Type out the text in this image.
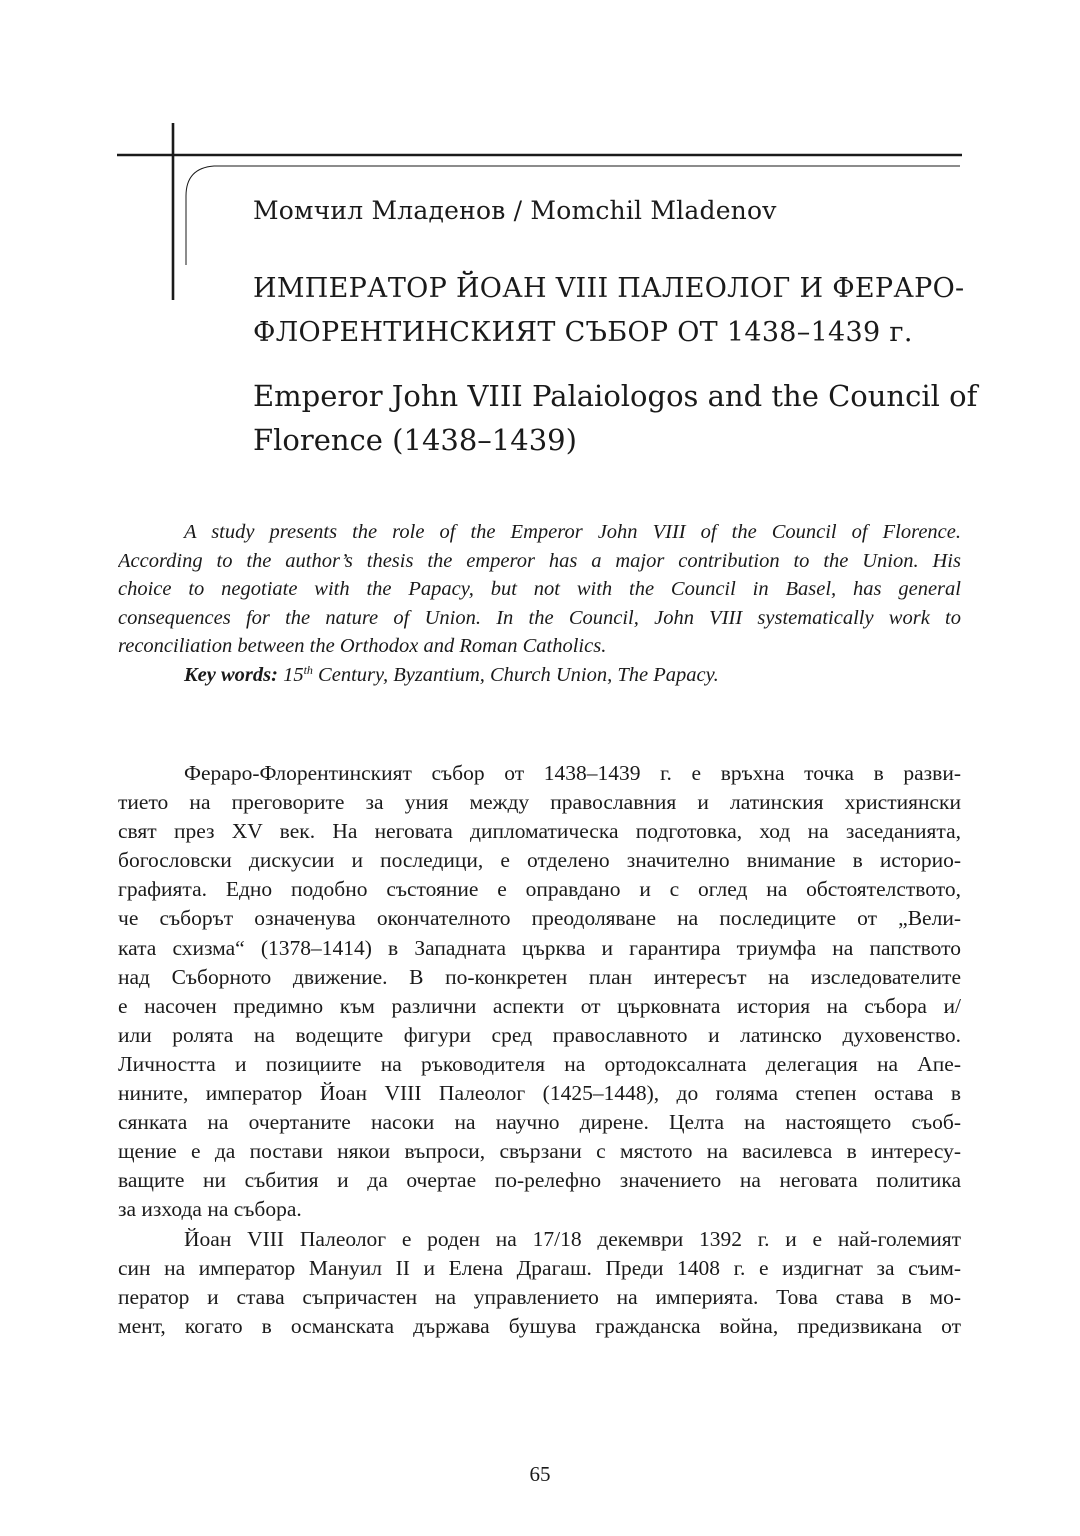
Момчил Младенов / Momchil Mladenov
ИМПЕРАТОР ЙОАН VIII ПАЛЕОЛОГ И ФЕРАРО-
ФЛОРЕНТИНСКИЯТ СЪБОР ОТ 1438–1439 г.
Emperor John VIII Palaiologos and the Council of
Florence (1438–1439)
A study presents the role of the Emperor John VIII of the Council of Florence.
According to the author’s thesis the emperor has a major contribution to the Union. His
choice to negotiate with the Papacy, but not with the Council in Basel, has general
consequences for the nature of Union. In the Council, John VIII systematically work to
reconciliation between the Orthodox and Roman Catholics.
Key words: 15th Century, Byzantium, Church Union, The Papacy.
Фераро-Флорентинският събор от 1438–1439 г. е връхна точка в разви-
тието на преговорите за уния между православния и латинския християнски
свят през XV век. На неговата дипломатическа подготовка, ход на заседанията,
богословски дискусии и последици, е отделено значително внимание в историо-
графията. Едно подобно състояние е оправдано и с оглед на обстоятелството,
че съборът означенува окончателното преодоляване на последиците от „Вели-
ката схизма“ (1378–1414) в Западната църква и гарантира триумфа на папството
над Съборното движение. В по-конкретен план интересът на изследователите
е насочен предимно към различни аспекти от църковната история на събора и/
или ролята на водещите фигури сред православното и латинско духовенство.
Личността и позициите на ръководителя на ортодоксалната делегация на Апе-
нините, император Йоан VIII Палеолог (1425–1448), до голяма степен остава в
сянката на очертаните насоки на научно дирене. Целта на настоящето съоб-
щение е да постави някои въпроси, свързани с мястото на василевса в интересу-
ващите ни събития и да очертае по-релефно значението на неговата политика
за изхода на събора.
Йоан VIII Палеолог е роден на 17/18 декември 1392 г. и е най-големият
син на император Мануил II и Елена Драгаш. Преди 1408 г. е издигнат за съим-
ператор и става съпричастен на управлението на империята. Това става в мо-
мент, когато в османската държава бушува гражданска война, предизвикана от
65
